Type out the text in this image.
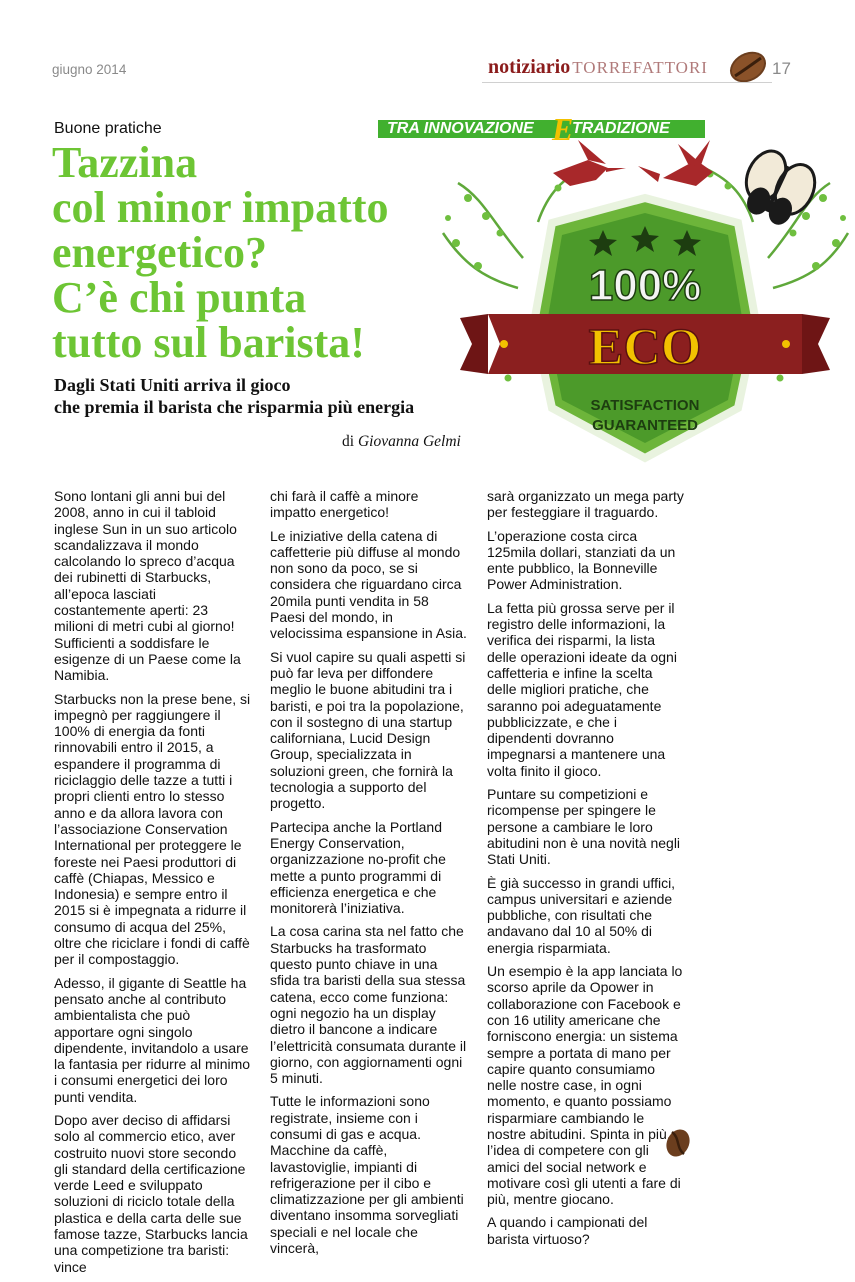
giugno 2014	notiziario TORREFATTORI	17
Buone pratiche	TRA INNOVAZIONE E
TRADIZIONE
Tazzina
col minor impatto
energetico?
C’è chi punta
tutto sul barista!
Dagli Stati Uniti arriva il gioco
che premia il barista che risparmia più energia
di Giovanna Gelmi
100%
ECO
SATISFACTION
GUARANTEED

Sono lontani gli anni bui del 2008, anno in cui il tabloid inglese Sun in un suo articolo scandalizzava il mondo calcolando lo spreco d’acqua dei rubinetti di Starbucks, all’epoca lasciati costantemente aperti: 23 milioni di metri cubi al giorno! Sufficienti a soddisfare le esigenze di un Paese come la Namibia.

Starbucks non la prese bene, si impegnò per raggiungere il 100% di energia da fonti rinnovabili entro il 2015, a espandere il programma di riciclaggio delle tazze a tutti i propri clienti entro lo stesso anno e da allora lavora con l’associazione Conservation International per proteggere le foreste nei Paesi produttori di caffè (Chiapas, Messico e Indonesia) e sempre entro il 2015 si è impegnata a ridurre il consumo di acqua del 25%, oltre che riciclare i fondi di caffè per il compostaggio.

Adesso, il gigante di Seattle ha pensato anche al contributo ambientalista che può apportare ogni singolo dipendente, invitandolo a usare la fantasia per ridurre al minimo i consumi energetici dei loro punti vendita.

Dopo aver deciso di affidarsi solo al commercio etico, aver costruito nuovi store secondo gli standard della certificazione verde Leed e sviluppato soluzioni di riciclo totale della plastica e della carta delle sue famose tazze, Starbucks lancia una competizione tra baristi: vince

chi farà il caffè a minore impatto energetico!

Le iniziative della catena di caffetterie più diffuse al mondo non sono da poco, se si considera che riguardano circa 20mila punti vendita in 58 Paesi del mondo, in velocissima espansione in Asia.

Si vuol capire su quali aspetti si può far leva per diffondere meglio le buone abitudini tra i baristi, e poi tra la popolazione, con il sostegno di una startup californiana, Lucid Design Group, specializzata in soluzioni green, che fornirà la tecnologia a supporto del progetto.

Partecipa anche la Portland Energy Conservation, organizzazione no-profit che mette a punto programmi di efficienza energetica e che monitorerà l’iniziativa.

La cosa carina sta nel fatto che Starbucks ha trasformato questo punto chiave in una sfida tra baristi della sua stessa catena, ecco come funziona: ogni negozio ha un display dietro il bancone a indicare l’elettricità consumata durante il giorno, con aggiornamenti ogni 5 minuti.

Tutte le informazioni sono registrate, insieme con i consumi di gas e acqua.

Macchine da caffè, lavastoviglie, impianti di refrigerazione per il cibo e climatizzazione per gli ambienti diventano insomma sorvegliati speciali e nel locale che vincerà,

sarà organizzato un mega party per festeggiare il traguardo.

L’operazione costa circa 125mila dollari, stanziati da un ente pubblico, la Bonneville Power Administration.

La fetta più grossa serve per il registro delle informazioni, la verifica dei risparmi, la lista delle operazioni ideate da ogni caffetteria e infine la scelta delle migliori pratiche, che saranno poi adeguatamente pubblicizzate, e che i dipendenti dovranno impegnarsi a mantenere una volta finito il gioco.

Puntare su competizioni e ricompense per spingere le persone a cambiare le loro abitudini non è una novità negli Stati Uniti.

È già successo in grandi uffici, campus universitari e aziende pubbliche, con risultati che andavano dal 10 al 50% di energia risparmiata.

Un esempio è la app lanciata lo scorso aprile da Opower in collaborazione con Facebook e con 16 utility americane che forniscono energia: un sistema sempre a portata di mano per capire quanto consumiamo nelle nostre case, in ogni momento, e quanto possiamo risparmiare cambiando le nostre abitudini. Spinta in più, l’idea di competere con gli amici del social network e motivare così gli utenti a fare di più, mentre giocano.

A quando i campionati del barista virtuoso?
